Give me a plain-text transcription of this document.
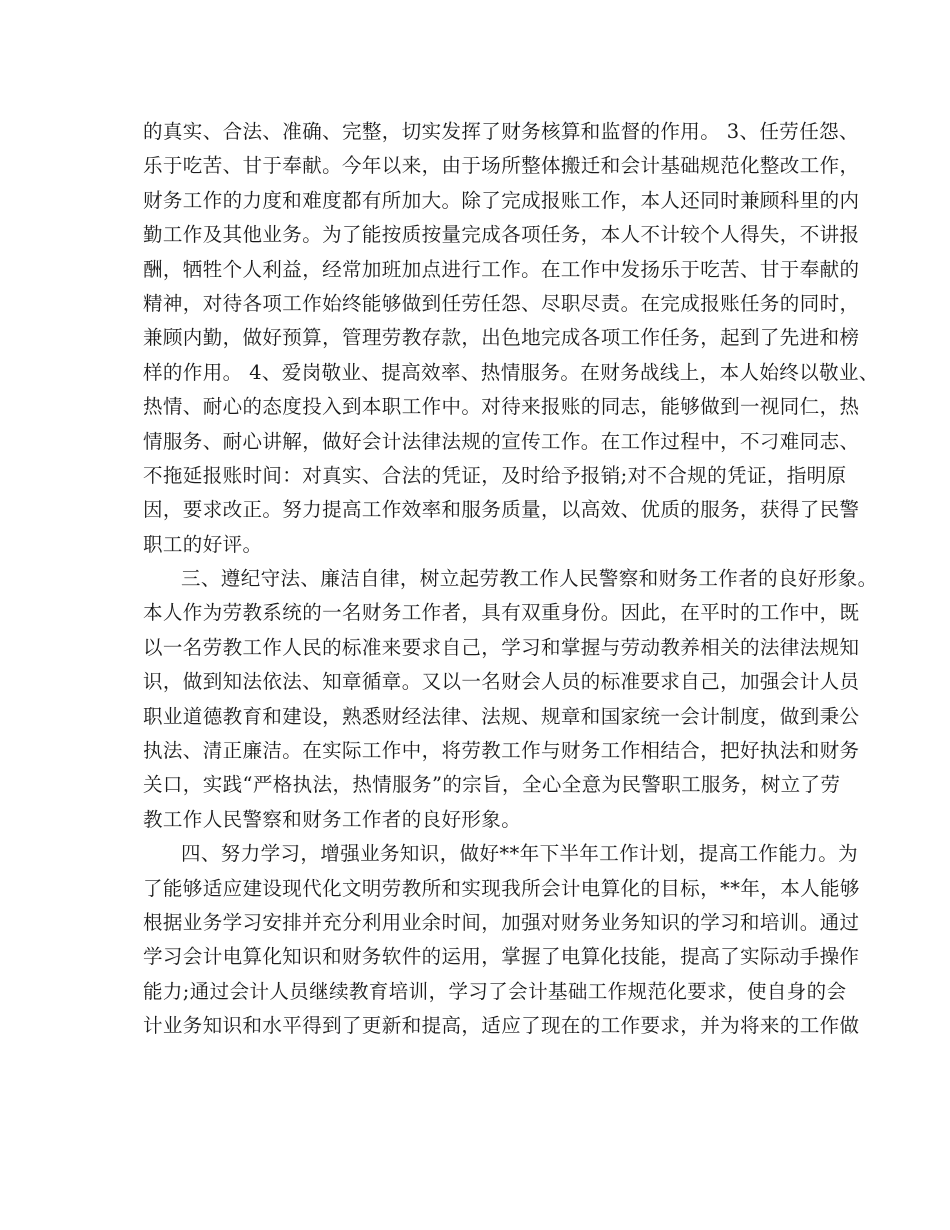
的真实、合法、准确、完整，切实发挥了财务核算和监督的作用。 3、任劳任怨、
乐于吃苦、甘于奉献。今年以来，由于场所整体搬迁和会计基础规范化整改工作，
财务工作的力度和难度都有所加大。除了完成报账工作，本人还同时兼顾科里的内
勤工作及其他业务。为了能按质按量完成各项任务，本人不计较个人得失，不讲报
酬，牺牲个人利益，经常加班加点进行工作。在工作中发扬乐于吃苦、甘于奉献的
精神，对待各项工作始终能够做到任劳任怨、尽职尽责。在完成报账任务的同时，
兼顾内勤，做好预算，管理劳教存款，出色地完成各项工作任务，起到了先进和榜
样的作用。 4、爱岗敬业、提高效率、热情服务。在财务战线上，本人始终以敬业、
热情、耐心的态度投入到本职工作中。对待来报账的同志，能够做到一视同仁，热
情服务、耐心讲解，做好会计法律法规的宣传工作。在工作过程中，不刁难同志、
不拖延报账时间：对真实、合法的凭证，及时给予报销;对不合规的凭证，指明原
因，要求改正。努力提高工作效率和服务质量，以高效、优质的服务，获得了民警
职工的好评。
三、遵纪守法、廉洁自律，树立起劳教工作人民警察和财务工作者的良好形象。
本人作为劳教系统的一名财务工作者，具有双重身份。因此，在平时的工作中，既
以一名劳教工作人民的标准来要求自己，学习和掌握与劳动教养相关的法律法规知
识，做到知法依法、知章循章。又以一名财会人员的标准要求自己，加强会计人员
职业道德教育和建设，熟悉财经法律、法规、规章和国家统一会计制度，做到秉公
执法、清正廉洁。在实际工作中，将劳教工作与财务工作相结合，把好执法和财务
关口，实践“严格执法，热情服务”的宗旨，全心全意为民警职工服务，树立了劳
教工作人民警察和财务工作者的良好形象。
四、努力学习，增强业务知识，做好**年下半年工作计划，提高工作能力。为
了能够适应建设现代化文明劳教所和实现我所会计电算化的目标，**年，本人能够
根据业务学习安排并充分利用业余时间，加强对财务业务知识的学习和培训。通过
学习会计电算化知识和财务软件的运用，掌握了电算化技能，提高了实际动手操作
能力;通过会计人员继续教育培训，学习了会计基础工作规范化要求，使自身的会
计业务知识和水平得到了更新和提高，适应了现在的工作要求，并为将来的工作做
